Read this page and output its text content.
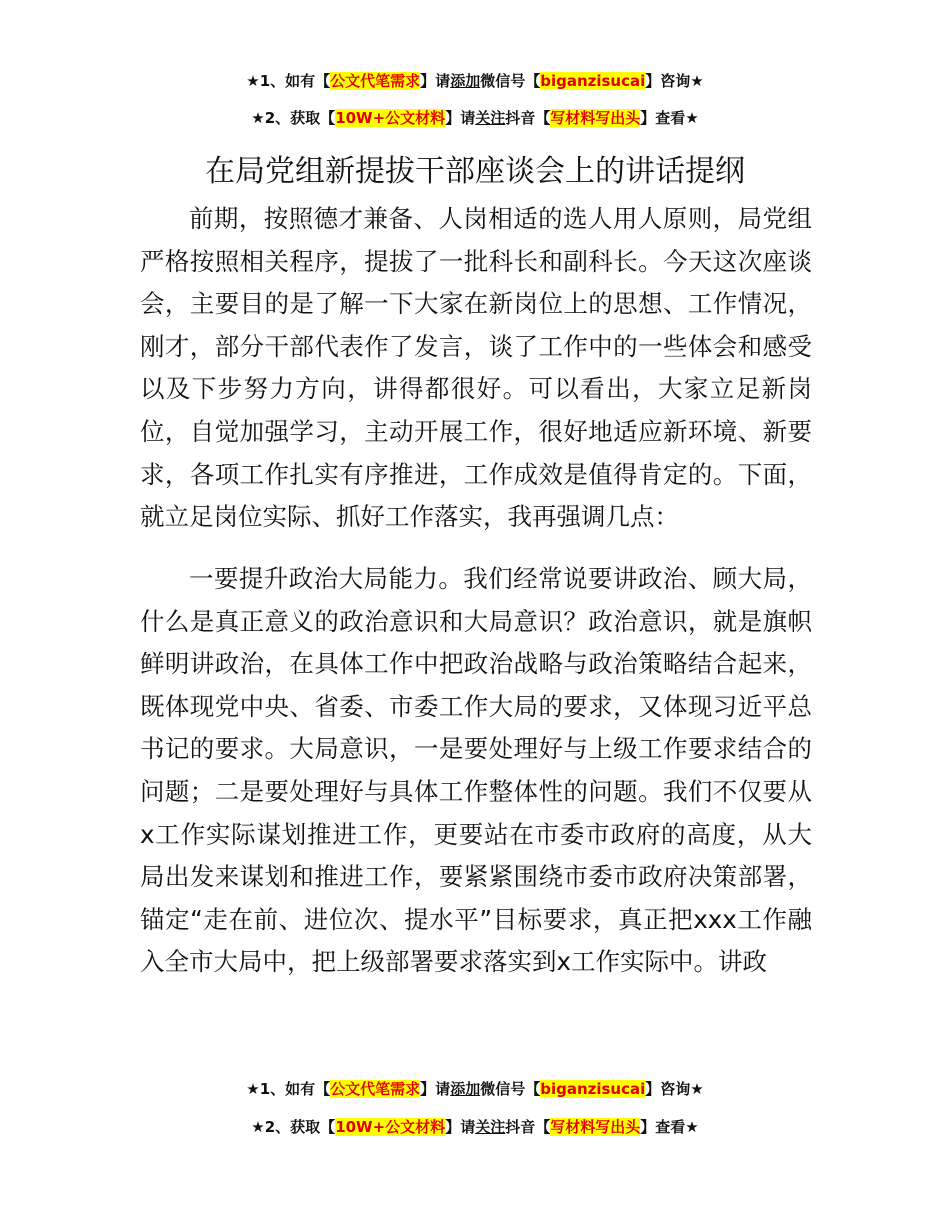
★1、如有【公文代笔需求】请添加微信号【biganzisucai】咨询★
★2、获取【10W+公文材料】请关注抖音【写材料写出头】查看★
在局党组新提拔干部座谈会上的讲话提纲
前期，按照德才兼备、人岗相适的选人用人原则，局党组严格按照相关程序，提拔了一批科长和副科长。今天这次座谈会，主要目的是了解一下大家在新岗位上的思想、工作情况，刚才，部分干部代表作了发言，谈了工作中的一些体会和感受以及下步努力方向，讲得都很好。可以看出，大家立足新岗位，自觉加强学习，主动开展工作，很好地适应新环境、新要求，各项工作扎实有序推进，工作成效是值得肯定的。下面，就立足岗位实际、抓好工作落实，我再强调几点：
一要提升政治大局能力。我们经常说要讲政治、顾大局，什么是真正意义的政治意识和大局意识？政治意识，就是旗帜鲜明讲政治，在具体工作中把政治战略与政治策略结合起来，既体现党中央、省委、市委工作大局的要求，又体现习近平总书记的要求。大局意识，一是要处理好与上级工作要求结合的问题；二是要处理好与具体工作整体性的问题。我们不仅要从x工作实际谋划推进工作，更要站在市委市政府的高度，从大局出发来谋划和推进工作，要紧紧围绕市委市政府决策部署，锚定“走在前、进位次、提水平”目标要求，真正把xxx工作融入全市大局中，把上级部署要求落实到x工作实际中。讲政
★1、如有【公文代笔需求】请添加微信号【biganzisucai】咨询★
★2、获取【10W+公文材料】请关注抖音【写材料写出头】查看★
